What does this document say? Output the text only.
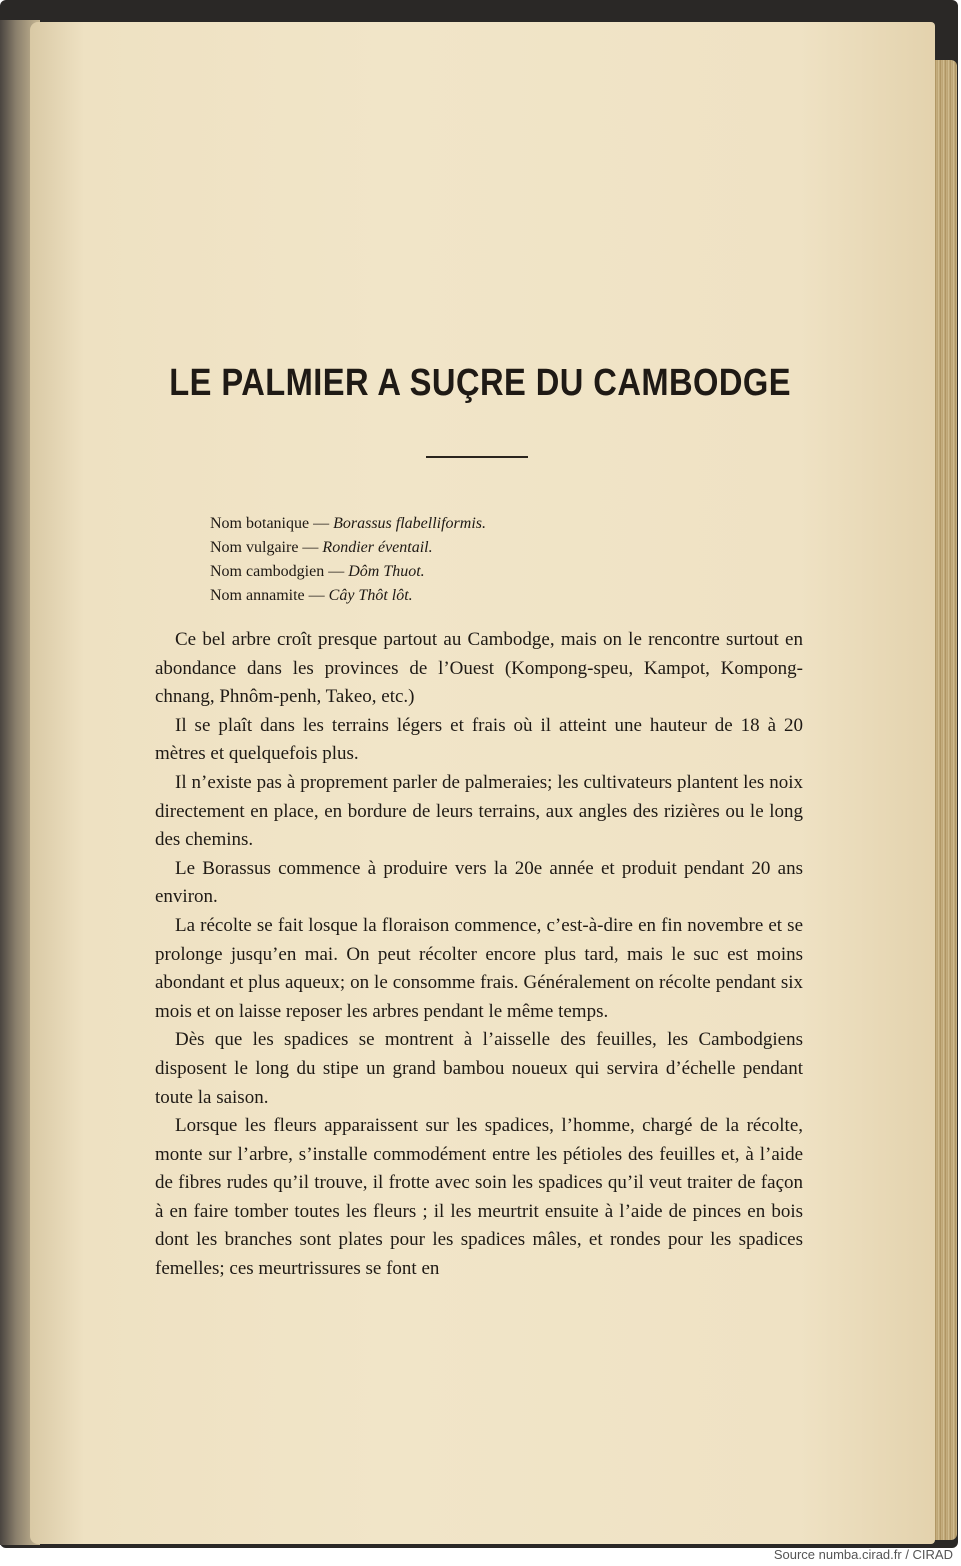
LE PALMIER A SUÇRE DU CAMBODGE
Nom botanique — Borassus flabelliformis.
Nom vulgaire — Rondier éventail.
Nom cambodgien — Dôm Thuot.
Nom annamite — Cây Thôt lôt.

Ce bel arbre croît presque partout au Cambodge, mais on le rencontre surtout en abondance dans les provinces de l’Ouest (Kompong-speu, Kampot, Kompong-chnang, Phnôm-penh, Takeo, etc.)

Il se plaît dans les terrains légers et frais où il atteint une hauteur de 18 à 20 mètres et quelquefois plus.

Il n’existe pas à proprement parler de palmeraies; les cultivateurs plantent les noix directement en place, en bordure de leurs terrains, aux angles des rizières ou le long des chemins.

Le Borassus commence à produire vers la 20e année et produit pendant 20 ans environ.

La récolte se fait losque la floraison commence, c’est-à-dire en fin novembre et se prolonge jusqu’en mai. On peut récolter encore plus tard, mais le suc est moins abondant et plus aqueux; on le consomme frais. Généralement on récolte pendant six mois et on laisse reposer les arbres pendant le même temps.

Dès que les spadices se montrent à l’aisselle des feuilles, les Cambodgiens disposent le long du stipe un grand bambou noueux qui servira d’échelle pendant toute la saison.

Lorsque les fleurs apparaissent sur les spadices, l’homme, chargé de la récolte, monte sur l’arbre, s’installe commodément entre les pétioles des feuilles et, à l’aide de fibres rudes qu’il trouve, il frotte avec soin les spadices qu’il veut traiter de façon à en faire tomber toutes les fleurs ; il les meurtrit ensuite à l’aide de pinces en bois dont les branches sont plates pour les spadices mâles, et rondes pour les spadices femelles; ces meurtrissures se font en

Source numba.cirad.fr / CIRAD
